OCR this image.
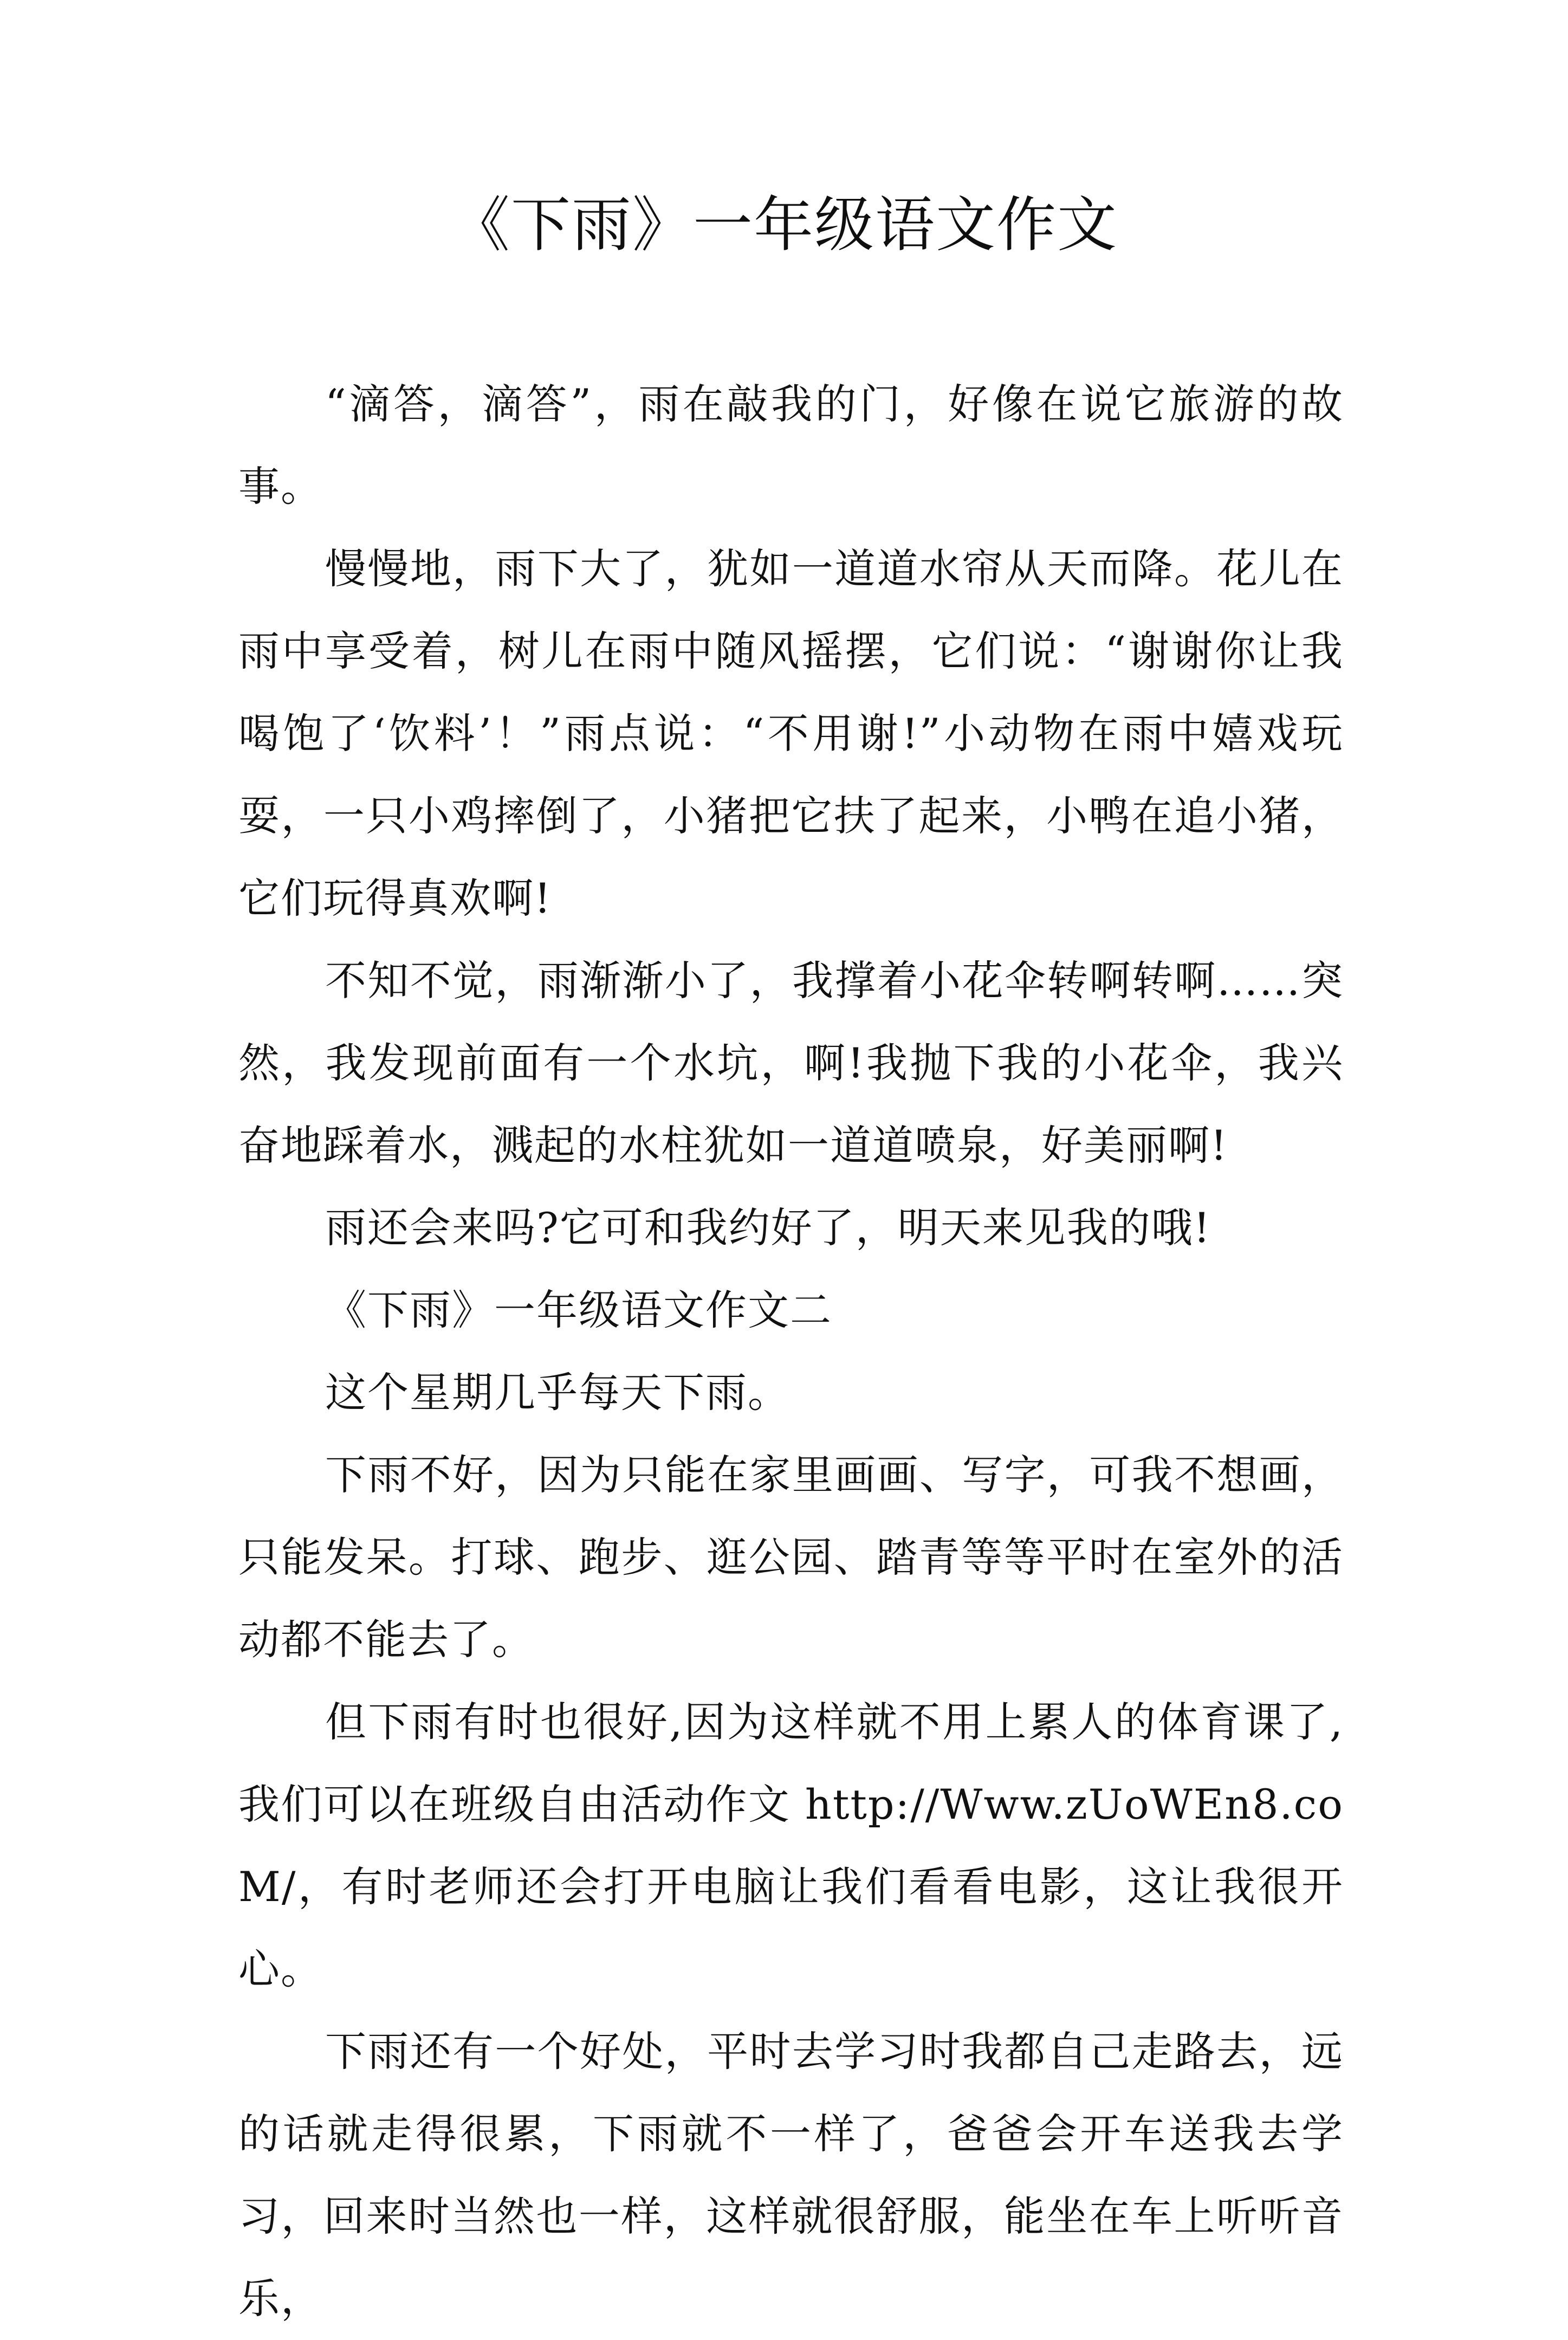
《下雨》一年级语文作文

“滴答，滴答”，雨在敲我的门，好像在说它旅游的故事。

慢慢地，雨下大了，犹如一道道水帘从天而降。花儿在雨中享受着，树儿在雨中随风摇摆，它们说：“谢谢你让我喝饱了‘饮料’！”雨点说：“不用谢!”小动物在雨中嬉戏玩耍，一只小鸡摔倒了，小猪把它扶了起来，小鸭在追小猪，它们玩得真欢啊!

不知不觉，雨渐渐小了，我撑着小花伞转啊转啊……突然，我发现前面有一个水坑，啊!我抛下我的小花伞，我兴奋地踩着水，溅起的水柱犹如一道道喷泉，好美丽啊!

雨还会来吗?它可和我约好了，明天来见我的哦!

《下雨》一年级语文作文二

这个星期几乎每天下雨。

下雨不好，因为只能在家里画画、写字，可我不想画，只能发呆。打球、跑步、逛公园、踏青等等平时在室外的活动都不能去了。

但下雨有时也很好,因为这样就不用上累人的体育课了,我们可以在班级自由活动作文 http://Www.zUoWEn8.coM/，有时老师还会打开电脑让我们看看电影，这让我很开心。

下雨还有一个好处，平时去学习时我都自己走路去，远的话就走得很累，下雨就不一样了，爸爸会开车送我去学习，回来时当然也一样，这样就很舒服，能坐在车上听听音乐，
